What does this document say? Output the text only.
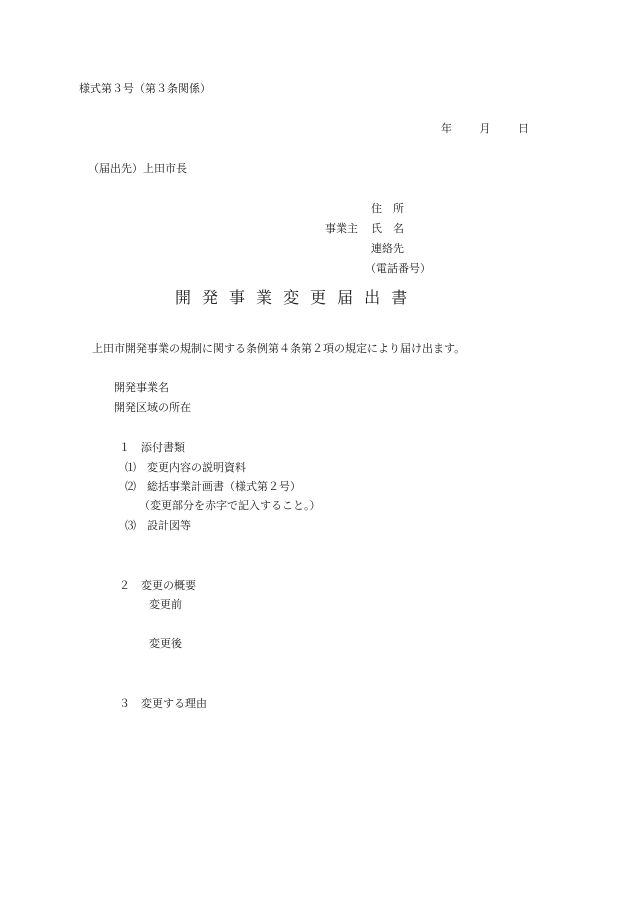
様式第３号（第３条関係）
年	月	日
（届出先）上田市長
住　所
事業主 氏　名
連絡先
（電話番号）
開 発 事 業 変 更 届 出 書
上田市開発事業の規制に関する条例第４条第２項の規定により届け出ます。
開発事業名
開発区域の所在
１　添付書類
⑴　変更内容の説明資料
⑵　総括事業計画書（様式第２号）
（変更部分を赤字で記入すること。）
⑶　設計図等
２　変更の概要
変更前
変更後
３　変更する理由
